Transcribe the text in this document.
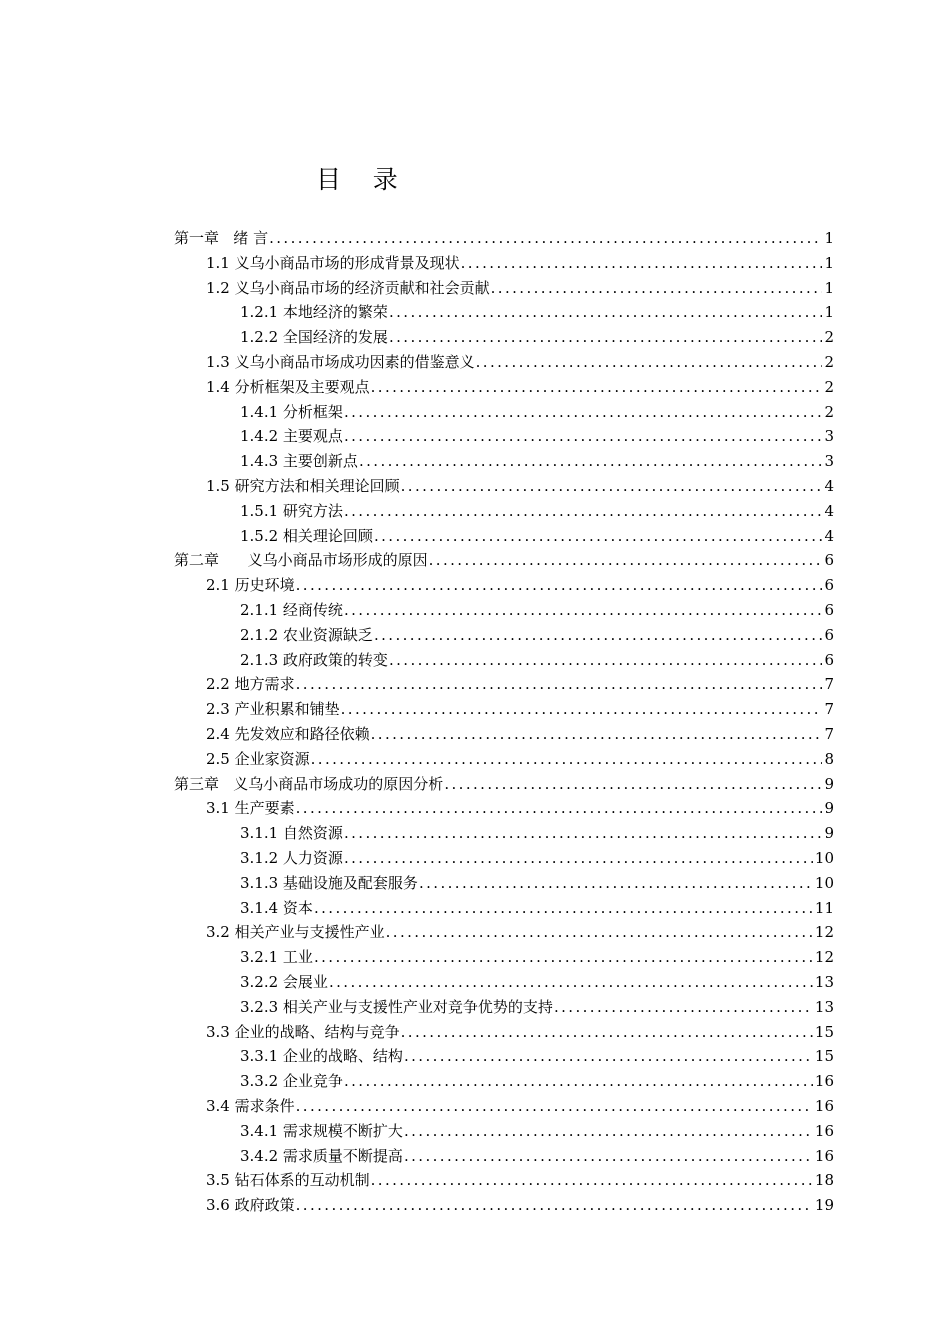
目    录
第一章   绪 言 .....	1
1.1 义乌小商品市场的形成背景及现状 .....	1
1.2 义乌小商品市场的经济贡献和社会贡献 .....	1
1.2.1 本地经济的繁荣 .....	1
1.2.2 全国经济的发展 .....	2
1.3 义乌小商品市场成功因素的借鉴意义 .....	2
1.4 分析框架及主要观点 .....	2
1.4.1 分析框架 .....	2
1.4.2 主要观点 .....	3
1.4.3 主要创新点 .....	3
1.5 研究方法和相关理论回顾 .....	4
1.5.1 研究方法 .....	4
1.5.2 相关理论回顾 .....	4
第二章      义乌小商品市场形成的原因 .....	6
2.1 历史环境 .....	6
2.1.1 经商传统 .....	6
2.1.2 农业资源缺乏 .....	6
2.1.3 政府政策的转变 .....	6
2.2 地方需求 .....	7
2.3 产业积累和铺垫 .....	7
2.4 先发效应和路径依赖 .....	7
2.5 企业家资源 .....	8
第三章   义乌小商品市场成功的原因分析 .....	9
3.1 生产要素 .....	9
3.1.1 自然资源 .....	9
3.1.2 人力资源 .....	10
3.1.3 基础设施及配套服务 .....	10
3.1.4 资本 .....	11
3.2 相关产业与支援性产业 .....	12
3.2.1 工业 .....	12
3.2.2 会展业 .....	13
3.2.3 相关产业与支援性产业对竞争优势的支持 .....	13
3.3 企业的战略、结构与竞争 .....	15
3.3.1 企业的战略、结构 .....	15
3.3.2 企业竞争 .....	16
3.4 需求条件 .....	16
3.4.1 需求规模不断扩大 .....	16
3.4.2 需求质量不断提高 .....	16
3.5 钻石体系的互动机制 .....	18
3.6 政府政策 .....	19
